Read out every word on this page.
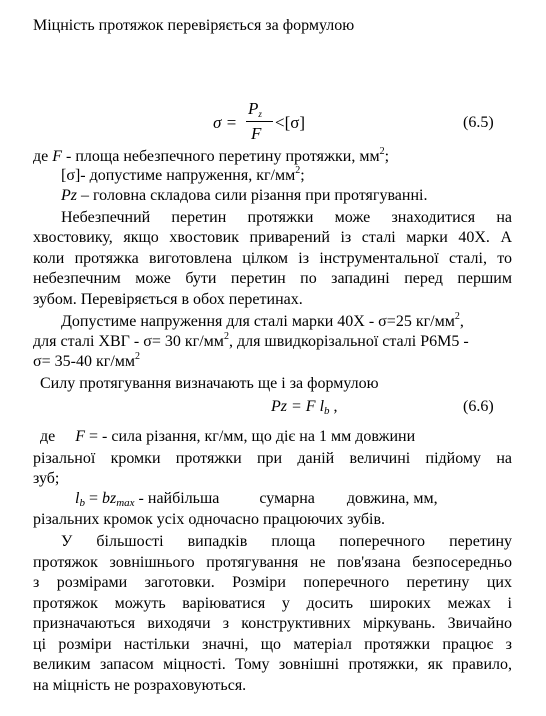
Міцність протяжок перевіряється за формулою
σ =
$P_z$
F
<[σ]	(6.5)
де F - площа небезпечного перетину протяжки, $мм^2$;
[σ]- допустиме напруження, $кг/мм^2$;
Pz – головна складова сили різання при протягуванні.
Небезпечний перетин протяжки може знаходитися на
хвостовику, якщо хвостовик приварений із сталі марки 40Х. А
коли протяжка виготовлена цілком із інструментальної сталі, то
небезпечним може бути перетин по западині перед першим
зубом. Перевіряється в обох перетинах.
Допустиме напруження для сталі марки 40Х - σ=25 $кг/мм^2$,
для сталі ХВГ - σ= 30 $кг/мм^2$, для швидкорізальної сталі Р6М5 -
σ= 35-40 $кг/мм^2$
Силу протягування визначають ще і за формулою
Pz = F $l_b$ ,	(6.6)
де     F = - сила різання, кг/мм, що діє на 1 мм довжини
різальної кромки протяжки при даній величині підйому на
зуб;
$l_b = bz_{max}$ - найбільша          сумарна        довжина, мм,
різальних кромок усіх одночасно працюючих зубів.
У більшості випадків площа поперечного перетину
протяжок зовнішнього протягування не пов'язана безпосередньо
з розмірами заготовки. Розміри поперечного перетину цих
протяжок можуть варіюватися у досить широких межах і
призначаються виходячи з конструктивних міркувань. Звичайно
ці розміри настільки значні, що матеріал протяжки працює з
великим запасом міцності. Тому зовнішні протяжки, як правило,
на міцність не розраховуються.
